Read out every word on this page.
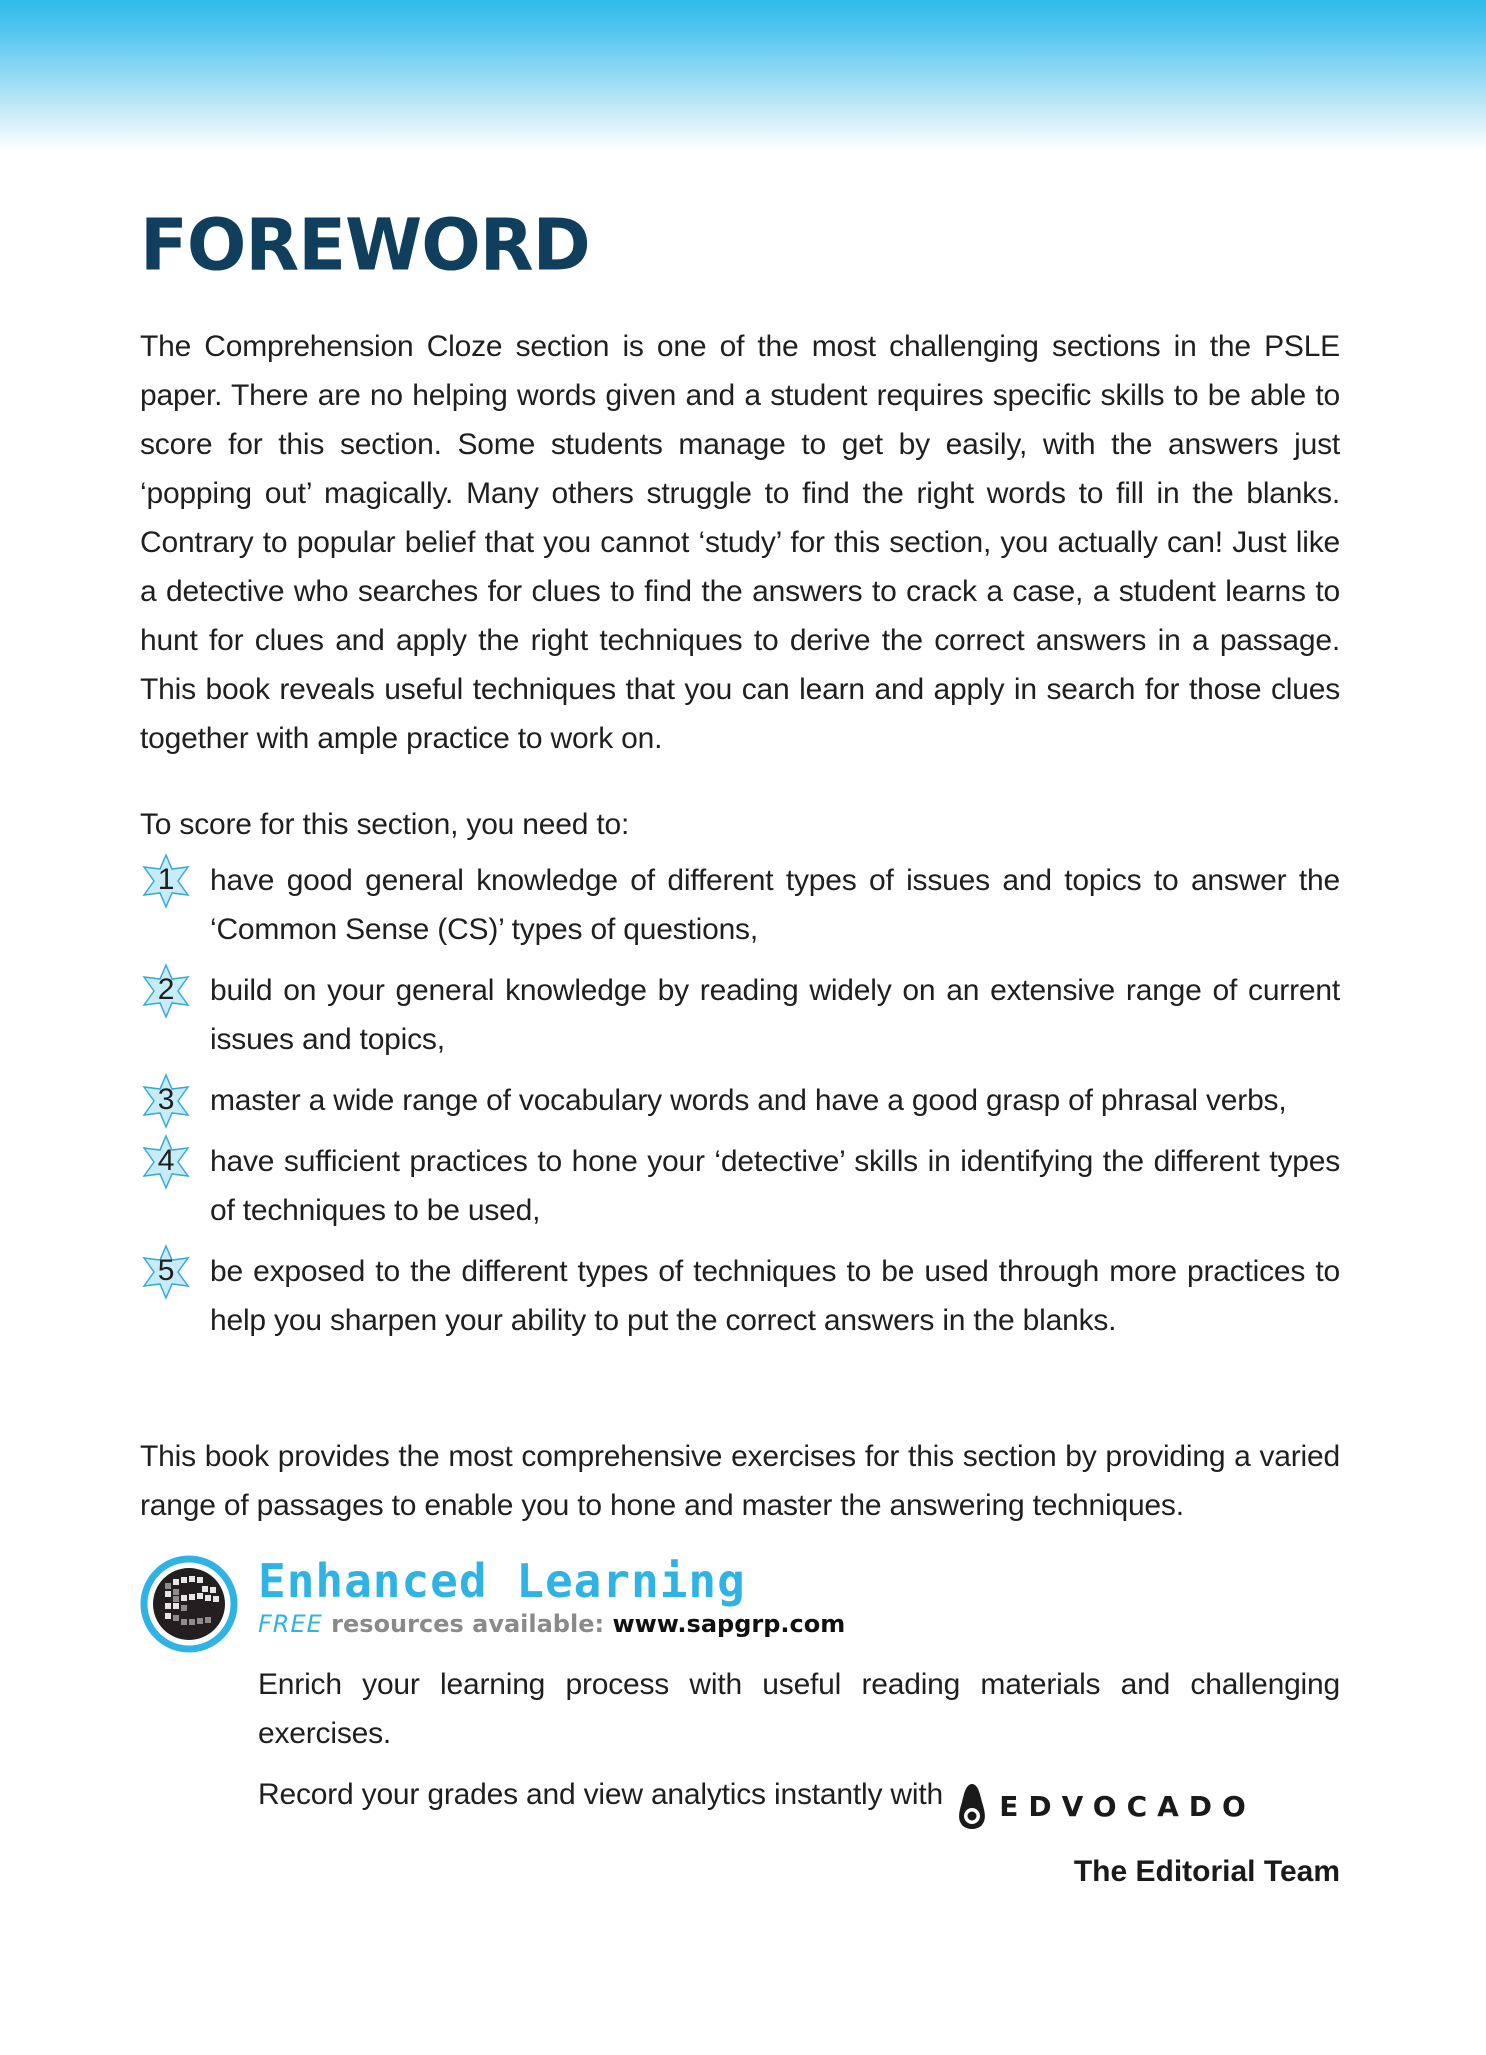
FOREWORD

The Comprehension Cloze section is one of the most challenging sections in the PSLE paper. There are no helping words given and a student requires specific skills to be able to score for this section. Some students manage to get by easily, with the answers just ‘popping out’ magically. Many others struggle to find the right words to fill in the blanks. Contrary to popular belief that you cannot ‘study’ for this section, you actually can! Just like a detective who searches for clues to find the answers to crack a case, a student learns to hunt for clues and apply the right techniques to derive the correct answers in a passage. This book reveals useful techniques that you can learn and apply in search for those clues together with ample practice to work on.

To score for this section, you need to:

1	have good general knowledge of different types of issues and topics to answer the ‘Common Sense (CS)’ types of questions,
2	build on your general knowledge by reading widely on an extensive range of current issues and topics,
3	master a wide range of vocabulary words and have a good grasp of phrasal verbs,
4	have sufficient practices to hone your ‘detective’ skills in identifying the different types of techniques to be used,
5	be exposed to the different types of techniques to be used through more practices to help you sharpen your ability to put the correct answers in the blanks.

This book provides the most comprehensive exercises for this section by providing a varied range of passages to enable you to hone and master the answering techniques.

Enhanced Learning
FREE resources available: www.sapgrp.com

Enrich your learning process with useful reading materials and challenging exercises.

Record your grades and view analytics instantly with EDVOCADO

The Editorial Team
